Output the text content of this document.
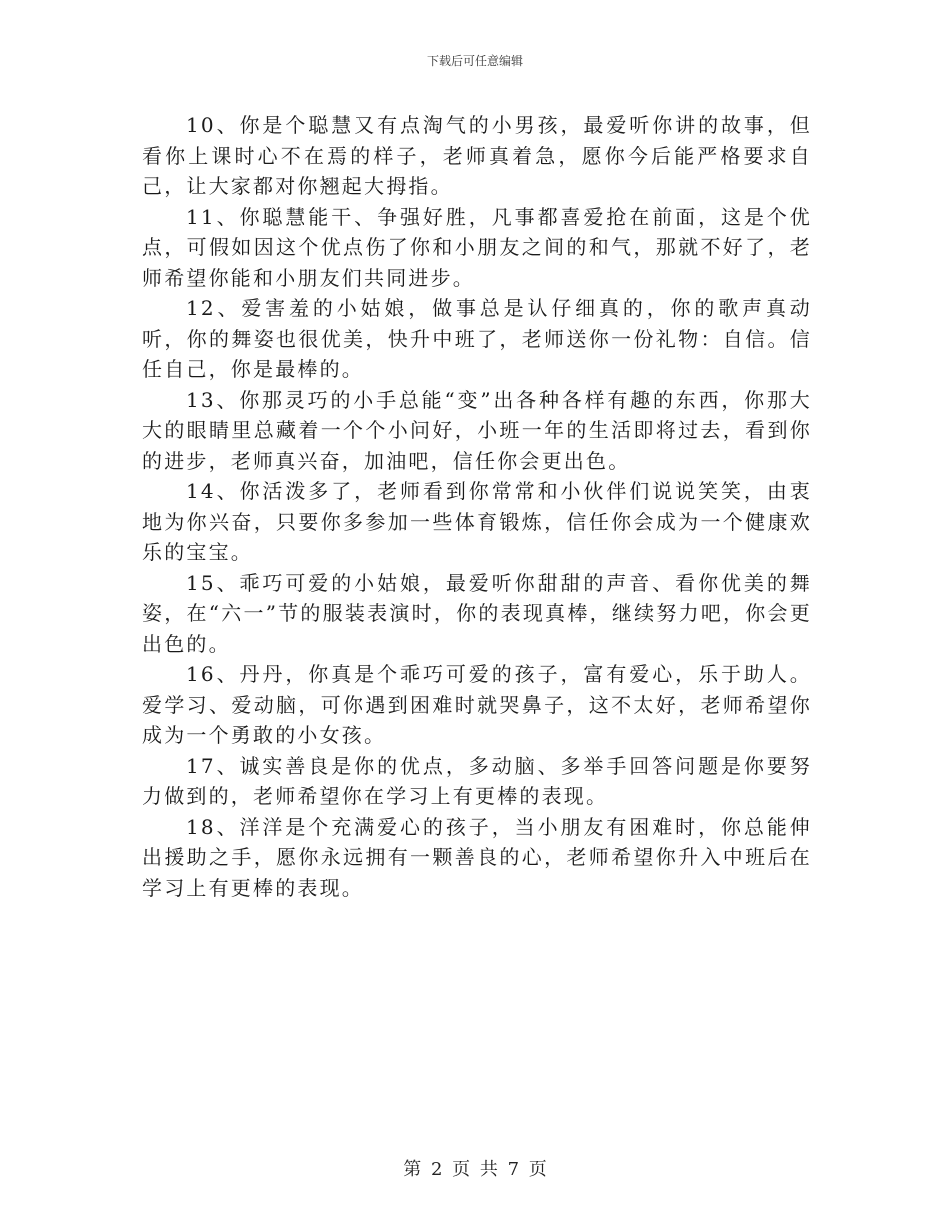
下载后可任意编辑

10、你是个聪慧又有点淘气的小男孩，最爱听你讲的故事，但看你上课时心不在焉的样子，老师真着急，愿你今后能严格要求自己，让大家都对你翘起大拇指。

11、你聪慧能干、争强好胜，凡事都喜爱抢在前面，这是个优点，可假如因这个优点伤了你和小朋友之间的和气，那就不好了，老师希望你能和小朋友们共同进步。

12、爱害羞的小姑娘，做事总是认仔细真的，你的歌声真动听，你的舞姿也很优美，快升中班了，老师送你一份礼物：自信。信任自己，你是最棒的。

13、你那灵巧的小手总能“变”出各种各样有趣的东西，你那大大的眼睛里总藏着一个个小问好，小班一年的生活即将过去，看到你的进步，老师真兴奋，加油吧，信任你会更出色。

14、你活泼多了，老师看到你常常和小伙伴们说说笑笑，由衷地为你兴奋，只要你多参加一些体育锻炼，信任你会成为一个健康欢乐的宝宝。

15、乖巧可爱的小姑娘，最爱听你甜甜的声音、看你优美的舞姿，在“六一”节的服装表演时，你的表现真棒，继续努力吧，你会更出色的。

16、丹丹，你真是个乖巧可爱的孩子，富有爱心，乐于助人。爱学习、爱动脑，可你遇到困难时就哭鼻子，这不太好，老师希望你成为一个勇敢的小女孩。

17、诚实善良是你的优点，多动脑、多举手回答问题是你要努力做到的，老师希望你在学习上有更棒的表现。

18、洋洋是个充满爱心的孩子，当小朋友有困难时，你总能伸出援助之手，愿你永远拥有一颗善良的心，老师希望你升入中班后在学习上有更棒的表现。

第 2 页 共 7 页
